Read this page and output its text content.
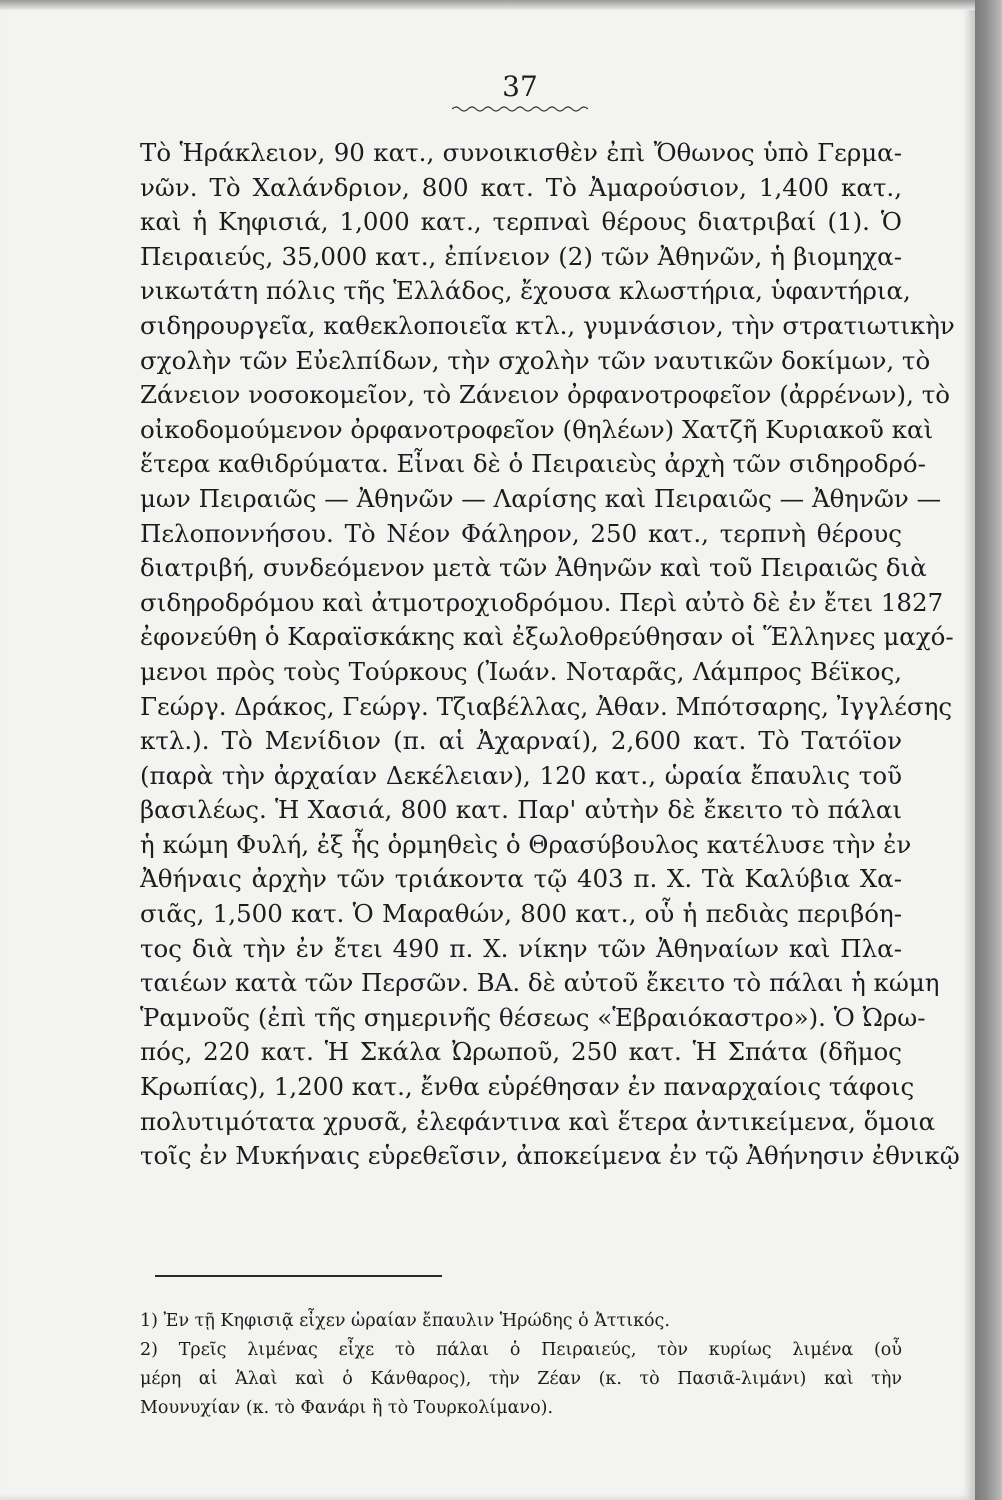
37
Τὸ Ἡράκλειον, 90 κατ., συνοικισθὲν ἐπὶ Ὄθωνος ὑπὸ Γερμα-
νῶν. Τὸ Χαλάνδριον, 800 κατ. Τὸ Ἀμαρούσιον, 1,400 κατ.,
καὶ ἡ Κηφισιά, 1,000 κατ., τερπναὶ θέρους διατριβαί (1). Ὁ
Πειραιεύς, 35,000 κατ., ἐπίνειον (2) τῶν Ἀθηνῶν, ἡ βιομηχα-
νικωτάτη πόλις τῆς Ἑλλάδος, ἔχουσα κλωστήρια, ὑφαντήρια,
σιδηρουργεῖα, καθεκλοποιεῖα κτλ., γυμνάσιον, τὴν στρατιωτικὴν
σχολὴν τῶν Εὐελπίδων, τὴν σχολὴν τῶν ναυτικῶν δοκίμων, τὸ
Ζάνειον νοσοκομεῖον, τὸ Ζάνειον ὀρφανοτροφεῖον (ἀρρένων), τὸ
οἰκοδομούμενον ὀρφανοτροφεῖον (θηλέων) Χατζῆ Κυριακοῦ καὶ
ἕτερα καθιδρύματα. Εἶναι δὲ ὁ Πειραιεὺς ἀρχὴ τῶν σιδηροδρό-
μων Πειραιῶς — Ἀθηνῶν — Λαρίσης καὶ Πειραιῶς — Ἀθηνῶν —
Πελοποννήσου. Τὸ Νέον Φάληρον, 250 κατ., τερπνὴ θέρους
διατριβή, συνδεόμενον μετὰ τῶν Ἀθηνῶν καὶ τοῦ Πειραιῶς διὰ
σιδηροδρόμου καὶ ἀτμοτροχιοδρόμου. Περὶ αὐτὸ δὲ ἐν ἔτει 1827
ἐφονεύθη ὁ Καραϊσκάκης καὶ ἐξωλοθρεύθησαν οἱ Ἕλληνες μαχό-
μενοι πρὸς τοὺς Τούρκους (Ἰωάν. Νοταρᾶς, Λάμπρος Βέϊκος,
Γεώργ. Δράκος, Γεώργ. Τζιαβέλλας, Ἀθαν. Μπότσαρης, Ἰγγλέσης
κτλ.). Τὸ Μενίδιον (π. αἱ Ἀχαρναί), 2,600 κατ. Τὸ Τατόϊον
(παρὰ τὴν ἀρχαίαν Δεκέλειαν), 120 κατ., ὡραία ἔπαυλις τοῦ
βασιλέως. Ἡ Χασιά, 800 κατ. Παρ' αὐτὴν δὲ ἔκειτο τὸ πάλαι
ἡ κώμη Φυλή, ἐξ ἧς ὁρμηθεὶς ὁ Θρασύβουλος κατέλυσε τὴν ἐν
Ἀθήναις ἀρχὴν τῶν τριάκοντα τῷ 403 π. Χ. Τὰ Καλύβια Χα-
σιᾶς, 1,500 κατ. Ὁ Μαραθών, 800 κατ., οὗ ἡ πεδιὰς περιβόη-
τος διὰ τὴν ἐν ἔτει 490 π. Χ. νίκην τῶν Ἀθηναίων καὶ Πλα-
ταιέων κατὰ τῶν Περσῶν. ΒΑ. δὲ αὐτοῦ ἔκειτο τὸ πάλαι ἡ κώμη
Ῥαμνοῦς (ἐπὶ τῆς σημερινῆς θέσεως «Ἑβραιόκαστρο»). Ὁ Ὠρω-
πός, 220 κατ. Ἡ Σκάλα Ὠρωποῦ, 250 κατ. Ἡ Σπάτα (δῆμος
Κρωπίας), 1,200 κατ., ἔνθα εὑρέθησαν ἐν παναρχαίοις τάφοις
πολυτιμότατα χρυσᾶ, ἐλεφάντινα καὶ ἕτερα ἀντικείμενα, ὅμοια
τοῖς ἐν Μυκήναις εὑρεθεῖσιν, ἀποκείμενα ἐν τῷ Ἀθήνησιν ἐθνικῷ
1) Ἐν τῇ Κηφισιᾷ εἶχεν ὡραίαν ἔπαυλιν Ἡρώδης ὁ Ἀττικός.
2) Τρεῖς λιμένας εἶχε τὸ πάλαι ὁ Πειραιεύς, τὸν κυρίως λιμένα (οὗ
μέρη αἱ Ἁλαὶ καὶ ὁ Κάνθαρος), τὴν Ζέαν (κ. τὸ Πασιᾶ-λιμάνι) καὶ τὴν
Μουνυχίαν (κ. τὸ Φανάρι ἢ τὸ Τουρκολίμανο).
